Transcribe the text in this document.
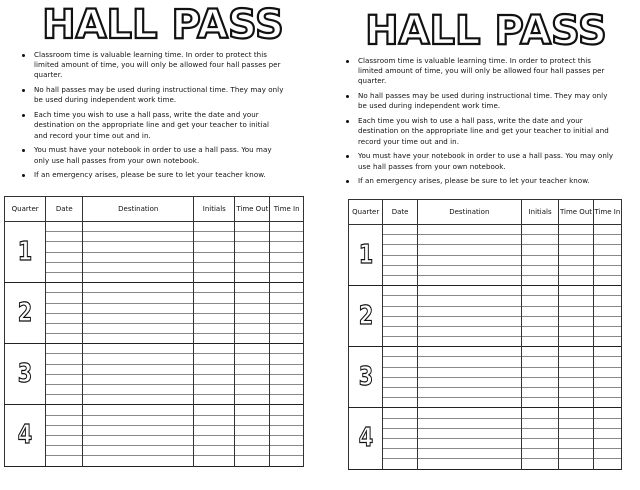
HALL PASS
Classroom time is valuable learning time. In order to protect this limited amount of time, you will only be allowed four hall passes per quarter.
No hall passes may be used during instructional time. They may only be used during independent work time.
Each time you wish to use a hall pass, write the date and your destination on the appropriate line and get your teacher to initial and record your time out and in.
You must have your notebook in order to use a hall pass. You may only use hall passes from your own notebook.
If an emergency arises, please be sure to let your teacher know.
Quarter	Date	Destination	Initials	Time Out	Time In
1					

2					

3					

4					

HALL PASS
Classroom time is valuable learning time. In order to protect this limited amount of time, you will only be allowed four hall passes per quarter.
No hall passes may be used during instructional time. They may only be used during independent work time.
Each time you wish to use a hall pass, write the date and your destination on the appropriate line and get your teacher to initial and record your time out and in.
You must have your notebook in order to use a hall pass. You may only use hall passes from your own notebook.
If an emergency arises, please be sure to let your teacher know.
Quarter	Date	Destination	Initials	Time Out	Time In
1					

2					

3					

4					
